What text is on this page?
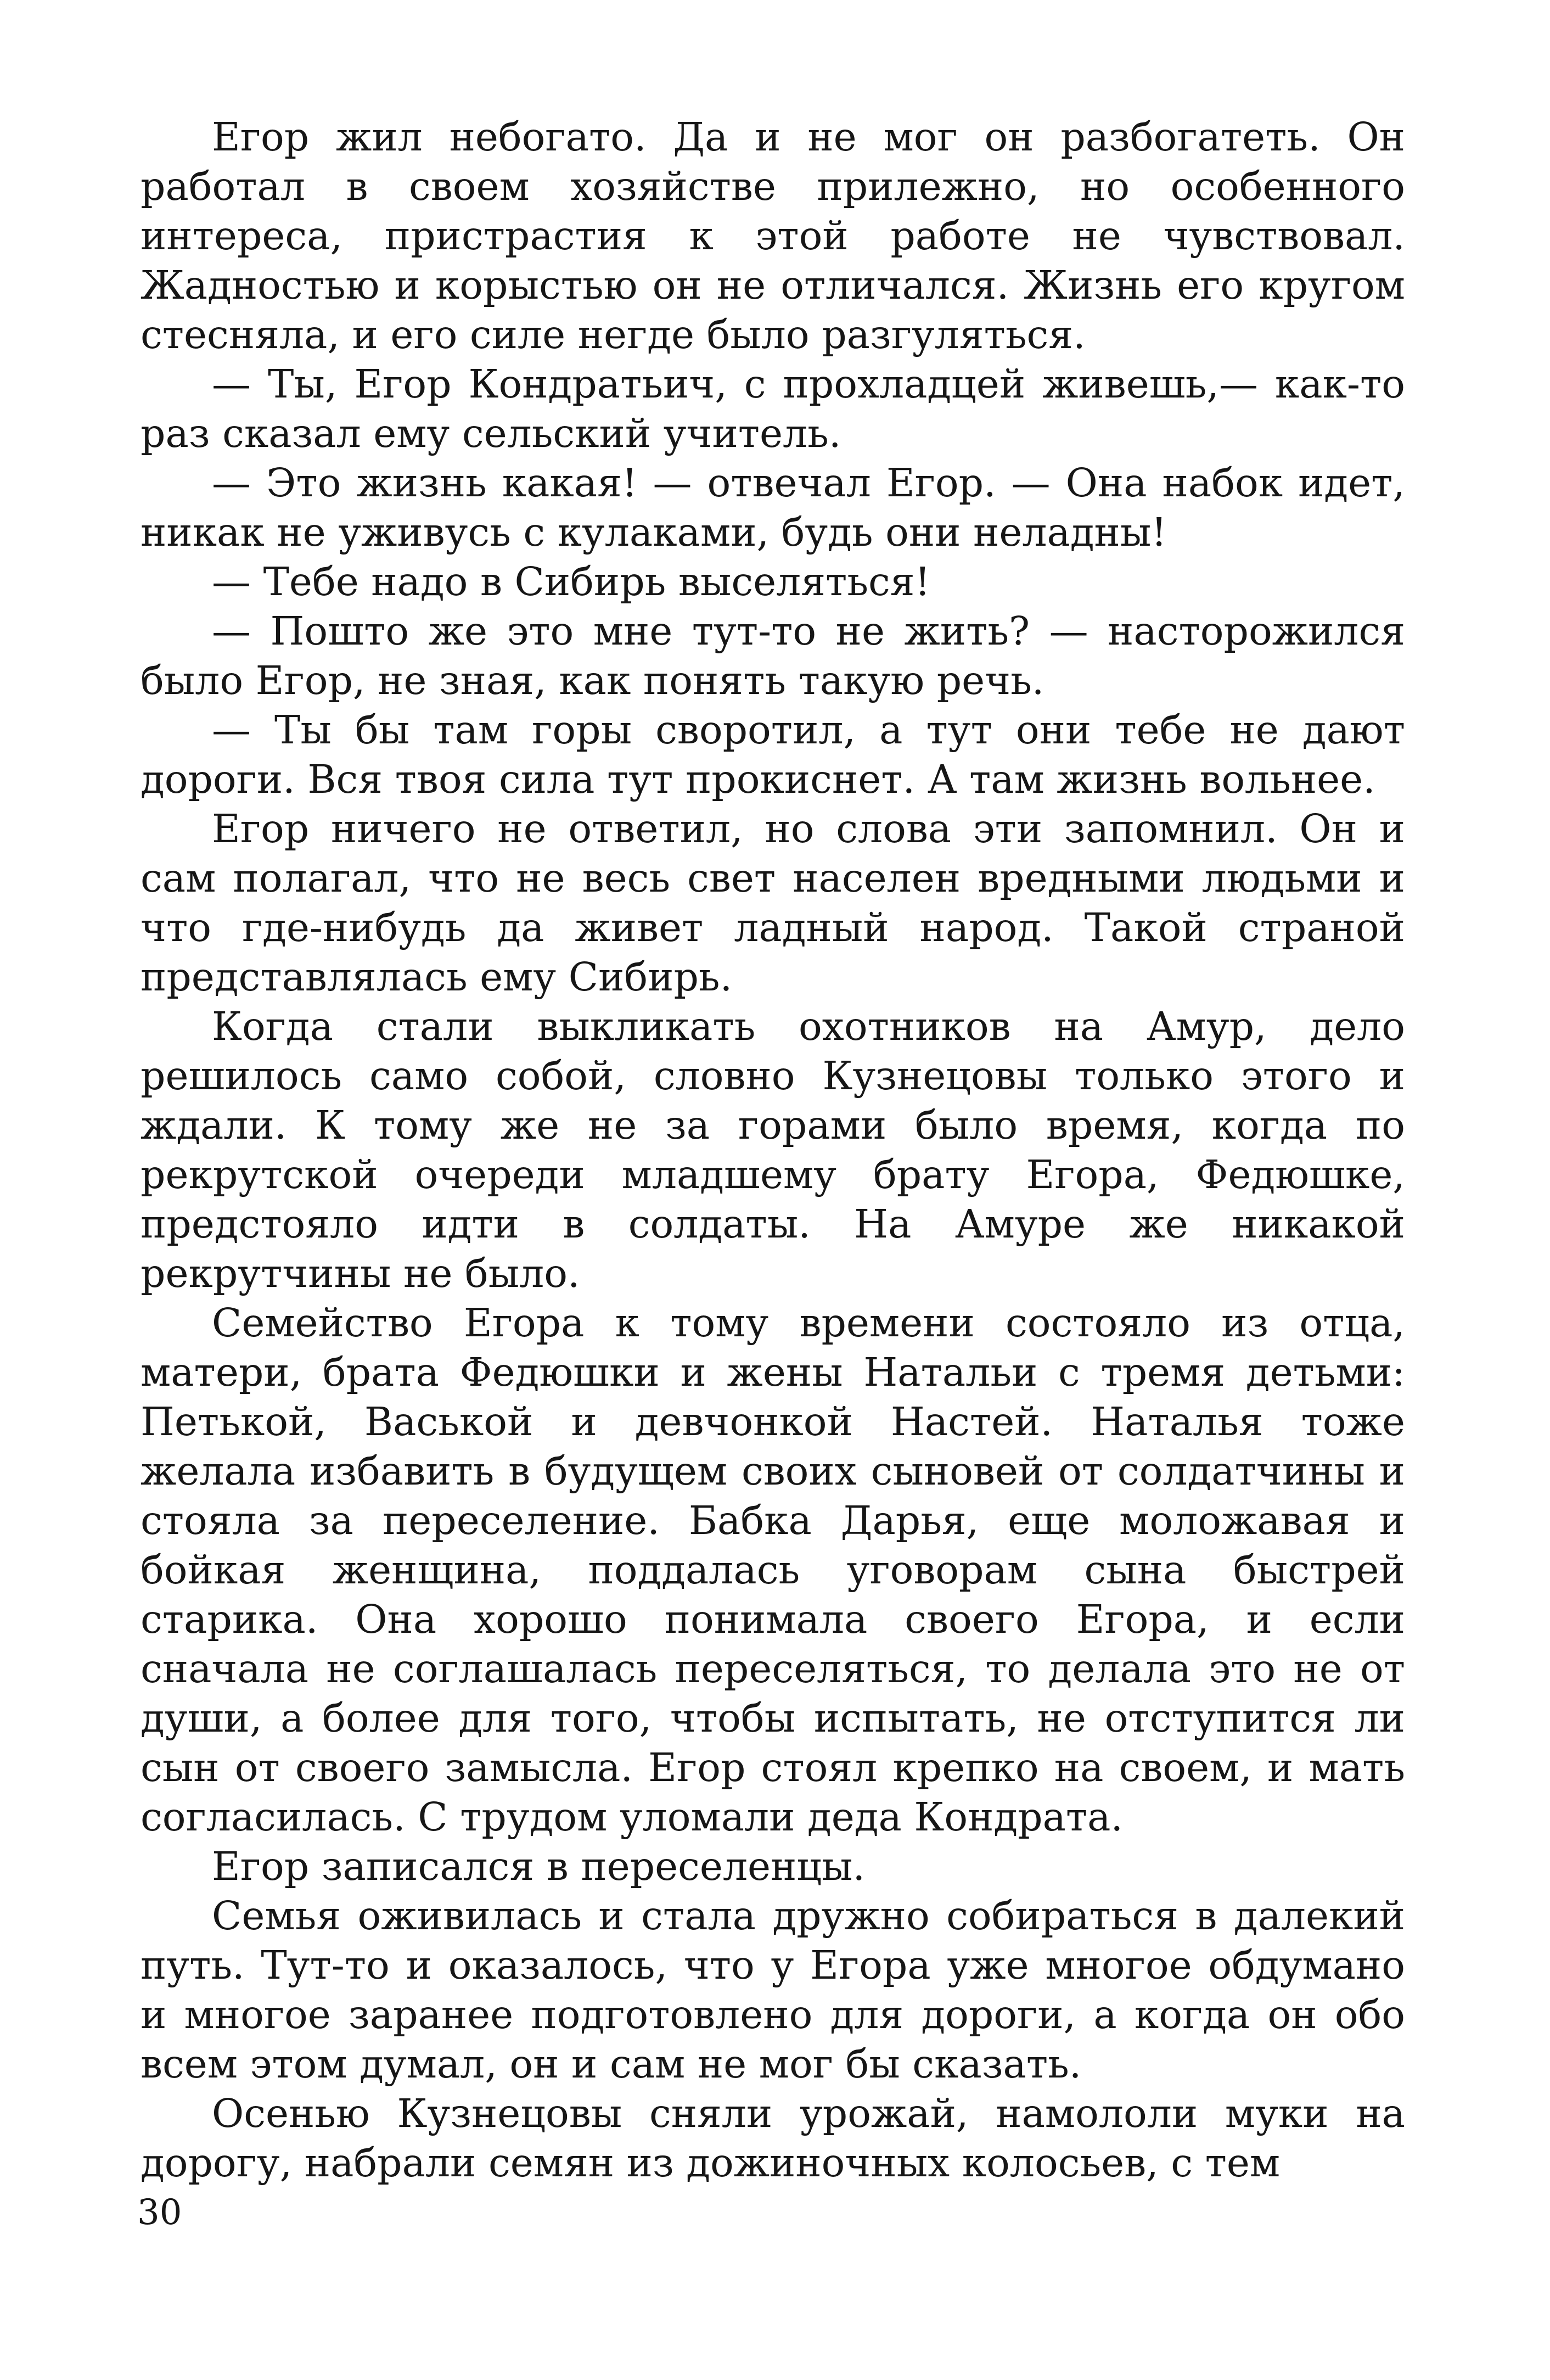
Егор жил небогато. Да и не мог он разбогатеть. Он работал в своем хозяйстве прилежно, но особенного интереса, пристрастия к этой работе не чувствовал. Жадностью и корыстью он не отличался. Жизнь его кругом стесняла, и его силе негде было разгуляться.

— Ты, Егор Кондратьич, с прохладцей живешь,— как-то раз сказал ему сельский учитель.

— Это жизнь какая! — отвечал Егор. — Она набок идет, никак не уживусь с кулаками, будь они неладны!

— Тебе надо в Сибирь выселяться!

— Пошто же это мне тут-то не жить? — насторожился было Егор, не зная, как понять такую речь.

— Ты бы там горы своротил, а тут они тебе не дают дороги. Вся твоя сила тут прокиснет. А там жизнь вольнее.

Егор ничего не ответил, но слова эти запомнил. Он и сам полагал, что не весь свет населен вредными людьми и что где-нибудь да живет ладный народ. Такой страной представлялась ему Сибирь.

Когда стали выкликать охотников на Амур, дело решилось само собой, словно Кузнецовы только этого и ждали. К тому же не за горами было время, когда по рекрутской очереди младшему брату Егора, Федюшке, предстояло идти в солдаты. На Амуре же никакой рекрутчины не было.

Семейство Егора к тому времени состояло из отца, матери, брата Федюшки и жены Натальи с тремя детьми: Петькой, Васькой и девчонкой Настей. Наталья тоже желала избавить в будущем своих сыновей от солдатчины и стояла за переселение. Бабка Дарья, еще моложавая и бойкая женщина, поддалась уговорам сына быстрей старика. Она хорошо понимала своего Егора, и если сначала не соглашалась переселяться, то делала это не от души, а более для того, чтобы испытать, не отступится ли сын от своего замысла. Егор стоял крепко на своем, и мать согласилась. С трудом уломали деда Кондрата.

Егор записался в переселенцы.

Семья оживилась и стала дружно собираться в далекий путь. Тут-то и оказалось, что у Егора уже многое обдумано и многое заранее подготовлено для дороги, а когда он обо всем этом думал, он и сам не мог бы сказать.

Осенью Кузнецовы сняли урожай, намололи муки на дорогу, набрали семян из дожиночных колосьев, с тем

30
